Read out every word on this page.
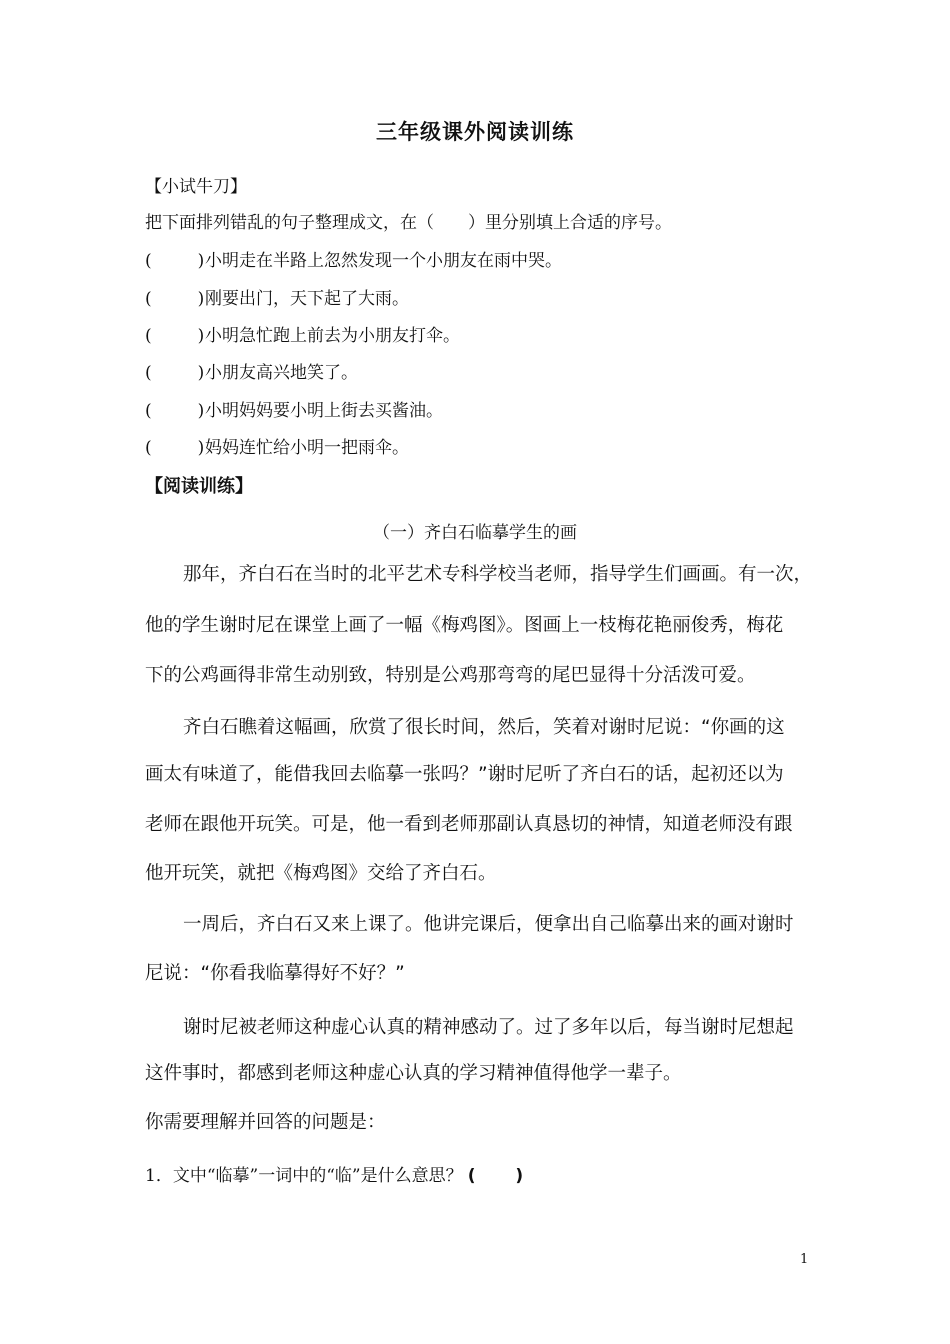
三年级课外阅读训练
【小试牛刀】
把下面排列错乱的句子整理成文，在（　　）里分别填上合适的序号。
(	)小明走在半路上忽然发现一个小朋友在雨中哭。
(	)刚要出门，天下起了大雨。
(	)小明急忙跑上前去为小朋友打伞。
(	)小朋友高兴地笑了。
(	)小明妈妈要小明上街去买酱油。
(	)妈妈连忙给小明一把雨伞。
【阅读训练】
（一）齐白石临摹学生的画
那年，齐白石在当时的北平艺术专科学校当老师，指导学生们画画。有一次，
他的学生谢时尼在课堂上画了一幅《梅鸡图》。图画上一枝梅花艳丽俊秀，梅花
下的公鸡画得非常生动别致，特别是公鸡那弯弯的尾巴显得十分活泼可爱。
齐白石瞧着这幅画，欣赏了很长时间，然后，笑着对谢时尼说：“你画的这
画太有味道了，能借我回去临摹一张吗？”谢时尼听了齐白石的话，起初还以为
老师在跟他开玩笑。可是，他一看到老师那副认真恳切的神情，知道老师没有跟
他开玩笑，就把《梅鸡图》交给了齐白石。
一周后，齐白石又来上课了。他讲完课后，便拿出自己临摹出来的画对谢时
尼说：“你看我临摹得好不好？”
谢时尼被老师这种虚心认真的精神感动了。过了多年以后，每当谢时尼想起
这件事时，都感到老师这种虚心认真的学习精神值得他学一辈子。
你需要理解并回答的问题是：
1．文中“临摹”一词中的“临”是什么意思？ (　　 )
1
